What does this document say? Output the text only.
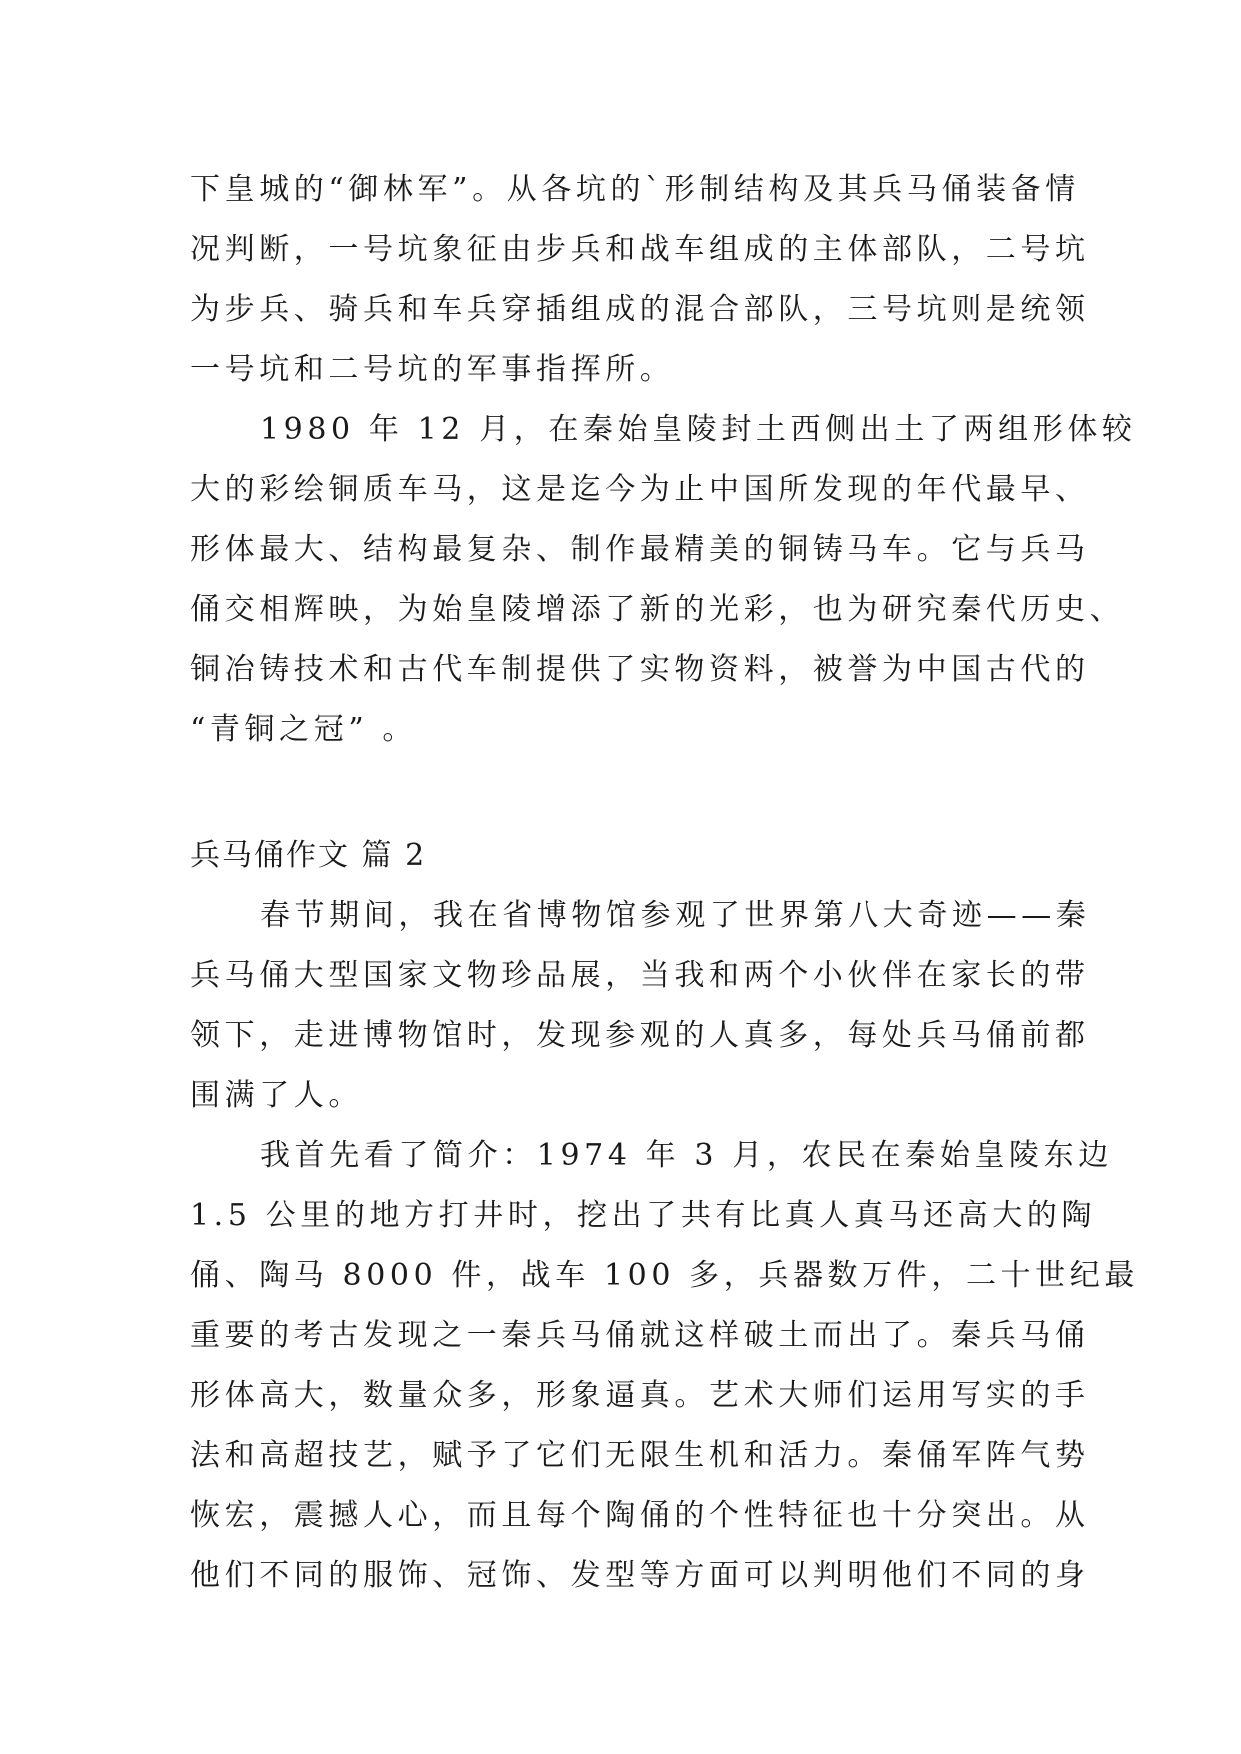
下皇城的“御林军”。从各坑的`形制结构及其兵马俑装备情
况判断，一号坑象征由步兵和战车组成的主体部队，二号坑
为步兵、骑兵和车兵穿插组成的混合部队，三号坑则是统领
一号坑和二号坑的军事指挥所。
1980 年 12 月，在秦始皇陵封土西侧出土了两组形体较
大的彩绘铜质车马，这是迄今为止中国所发现的年代最早、
形体最大、结构最复杂、制作最精美的铜铸马车。它与兵马
俑交相辉映，为始皇陵增添了新的光彩，也为研究秦代历史、
铜冶铸技术和古代车制提供了实物资料，被誉为中国古代的
“青铜之冠” 。
兵马俑作文 篇 2
春节期间，我在省博物馆参观了世界第八大奇迹——秦
兵马俑大型国家文物珍品展，当我和两个小伙伴在家长的带
领下，走进博物馆时，发现参观的人真多，每处兵马俑前都
围满了人。
我首先看了简介：1974 年 3 月，农民在秦始皇陵东边
1.5 公里的地方打井时，挖出了共有比真人真马还高大的陶
俑、陶马 8000 件，战车 100 多，兵器数万件，二十世纪最
重要的考古发现之一秦兵马俑就这样破土而出了。秦兵马俑
形体高大，数量众多，形象逼真。艺术大师们运用写实的手
法和高超技艺，赋予了它们无限生机和活力。秦俑军阵气势
恢宏，震撼人心，而且每个陶俑的个性特征也十分突出。从
他们不同的服饰、冠饰、发型等方面可以判明他们不同的身
